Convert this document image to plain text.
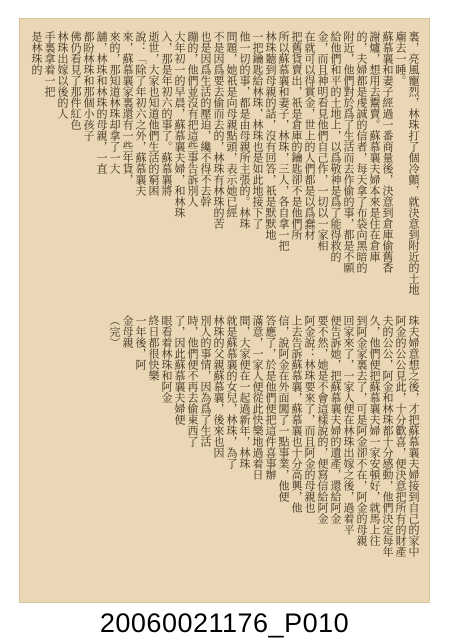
裏，亮風寵烈，林珠打了個冷顫，就決意到附近的土地
廟去一睡。
蘇慕襄和妻子經過一番商量後，決意到倉庫偷舊香
謝爐，想用去鬻賣。蘇慕襄夫婦本來是住在倉庫
的，夫婦都是虔誠的信者，每天拿了布袋向黑暗的
附近，他們對於爲了生活而去作偷的事，都是不願
給他們和平的土地上，以爲敬神是爲了能得救的
金，而且神明看見他們自己作，一切以一家相
在就可以得賞金，世上的人們都是以爲蠢材
把舊貨賣出，祇是倉庫的鑰匙卻不是他們所
所以蘇慕襄和妻子，林珠，三人，各自拿一把
林珠聽到母親的話，沒有回答，祇是默默地
一把鑰匙給林珠，林珠也是如此地接下了
他一切的事，都是由母親所主張的。林珠
問題，她祇是向母親點頭，表示她已經
不是因爲要去偷而去的，林珠有林珠的苦
也是因爲生活的壓迫，纔不得不去幹
蹦的，他們並沒有把這些事告訴別人
大年初一的早晨，蘇慕襄夫婦，和林珠
入，那是年初六的事了。蘇慕襄將
逝世，大家也知道他們生活的窮困
說：「除了年初六之外，蘇慕襄夫
來，蘇慕襄家裏還有一些年貨，
來的，那知道林珠却拿了一大
舖，林珠和林珠的母親，一直
都盼林珠和那個小孩子
佛仍看見了那件紅色
林珠出嫁以後的人
手裏拿着一把
是林珠的
珠夫婦意想之後，才把蘇慕襄夫婦接到自己的家中
阿金的公公見此，十分歡喜，便決意把所有的財產
夫的公公，阿金和林珠都十分感動，他們決定每年
久，他們便把蘇慕襄夫婦一家安頓好，就馬上往
到阿金家裏去了，可是阿金卻不在，阿金的母親
回家來了，一家人便在林珠出嫁之後，過着平
便告訴她，把蘇慕襄夫婦的遺產，還給阿金
要不然，她是不會這樣說的，便寫信給阿金
阿金說：林珠要來了，而且阿金的母親也
上去告訴蘇慕襄，蘇慕襄也十分高興，他
信，說阿金在外面闖了一點事業，他便
答應了，於是他們便把這件喜事辦
滿意，一家人便從此快樂地過着日
間，大家便在一起過新年，林珠
就是蘇慕襄的女兒，林珠，為了
林珠的父親蘇慕襄，後來也因
別人的事情，因為爲了生活
時，他們便不再去偷東西了
了，因此蘇慕襄夫婦便
眼看着林珠和阿金
終日都很快樂
一年後，阿
金母親
（完）
20060021176_P010
